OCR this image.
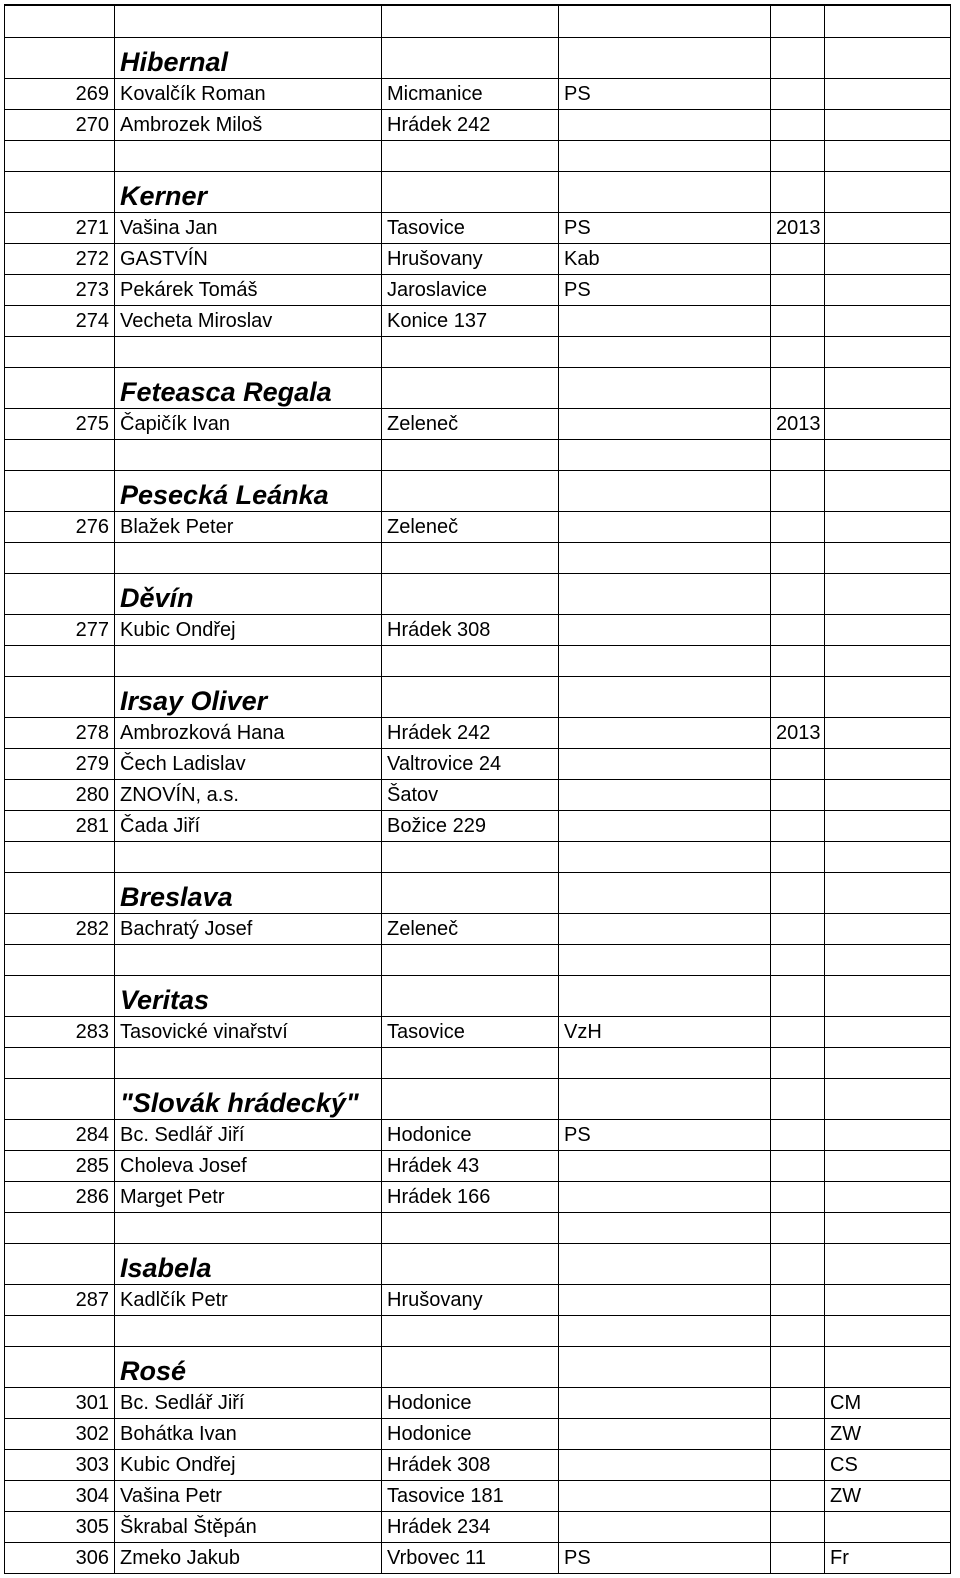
	Hibernal					
269	Kovalčík Roman	Micmanice	PS			
270	Ambrozek Miloš	Hrádek 242				

	Kerner					
271	Vašina Jan	Tasovice	PS	2013		
272	GASTVÍN	Hrušovany	Kab			
273	Pekárek Tomáš	Jaroslavice	PS			
274	Vecheta Miroslav	Konice 137				

	Feteasca Regala					
275	Čapičík Ivan	Zeleneč		2013		

	Pesecká Leánka					
276	Blažek Peter	Zeleneč				

	Děvín					
277	Kubic Ondřej	Hrádek 308				

	Irsay Oliver					
278	Ambrozková Hana	Hrádek 242		2013		
279	Čech Ladislav	Valtrovice 24				
280	ZNOVÍN, a.s.	Šatov				
281	Čada Jiří	Božice 229				

	Breslava					
282	Bachratý Josef	Zeleneč				

	Veritas					
283	Tasovické vinařství	Tasovice	VzH			

	"Slovák hrádecký"					
284	Bc. Sedlář Jiří	Hodonice	PS			
285	Choleva Josef	Hrádek 43				
286	Marget Petr	Hrádek 166				

	Isabela					
287	Kadlčík Petr	Hrušovany				

	Rosé					
301	Bc. Sedlář Jiří	Hodonice			CM	
302	Bohátka Ivan	Hodonice			ZW	
303	Kubic Ondřej	Hrádek 308			CS	
304	Vašina Petr	Tasovice 181			ZW	
305	Škrabal Štěpán	Hrádek 234				
306	Zmeko Jakub	Vrbovec 11	PS		Fr	
